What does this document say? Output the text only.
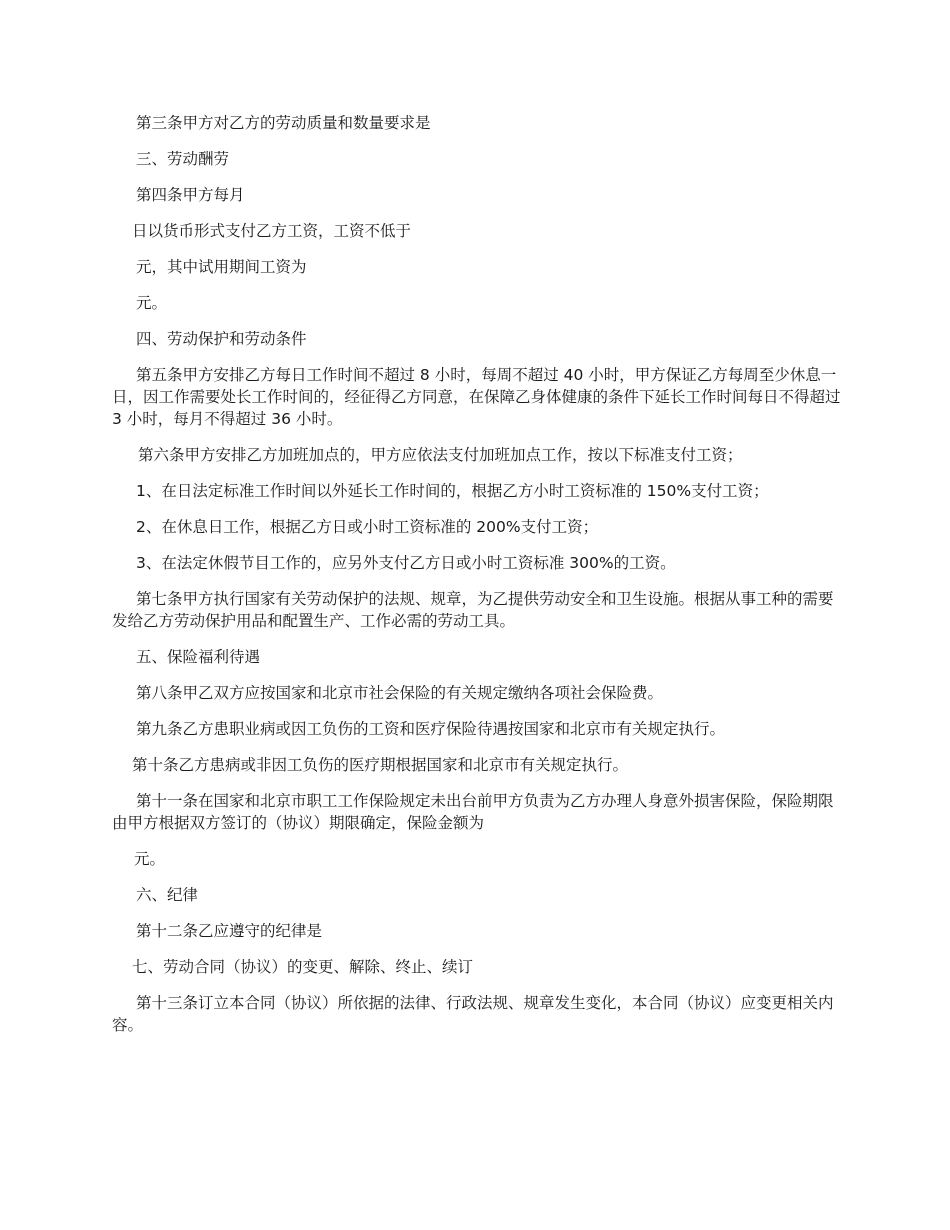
第三条甲方对乙方的劳动质量和数量要求是

三、劳动酬劳

第四条甲方每月

日以货币形式支付乙方工资，工资不低于

元，其中试用期间工资为

元。

四、劳动保护和劳动条件

第五条甲方安排乙方每日工作时间不超过 8 小时，每周不超过 40 小时，甲方保证乙方每周至少休息一日，因工作需要处长工作时间的，经征得乙方同意，在保障乙身体健康的条件下延长工作时间每日不得超过 3 小时，每月不得超过 36 小时。

第六条甲方安排乙方加班加点的，甲方应依法支付加班加点工作，按以下标准支付工资；

1、在日法定标准工作时间以外延长工作时间的，根据乙方小时工资标准的 150%支付工资；

2、在休息日工作，根据乙方日或小时工资标准的 200%支付工资；

3、在法定休假节目工作的，应另外支付乙方日或小时工资标准 300%的工资。

第七条甲方执行国家有关劳动保护的法规、规章，为乙提供劳动安全和卫生设施。根据从事工种的需要发给乙方劳动保护用品和配置生产、工作必需的劳动工具。

五、保险福利待遇

第八条甲乙双方应按国家和北京市社会保险的有关规定缴纳各项社会保险费。

第九条乙方患职业病或因工负伤的工资和医疗保险待遇按国家和北京市有关规定执行。

第十条乙方患病或非因工负伤的医疗期根据国家和北京市有关规定执行。

第十一条在国家和北京市职工工作保险规定未出台前甲方负责为乙方办理人身意外损害保险，保险期限由甲方根据双方签订的（协议）期限确定，保险金额为

元。

六、纪律

第十二条乙应遵守的纪律是

七、劳动合同（协议）的变更、解除、终止、续订

第十三条订立本合同（协议）所依据的法律、行政法规、规章发生变化，本合同（协议）应变更相关内容。
